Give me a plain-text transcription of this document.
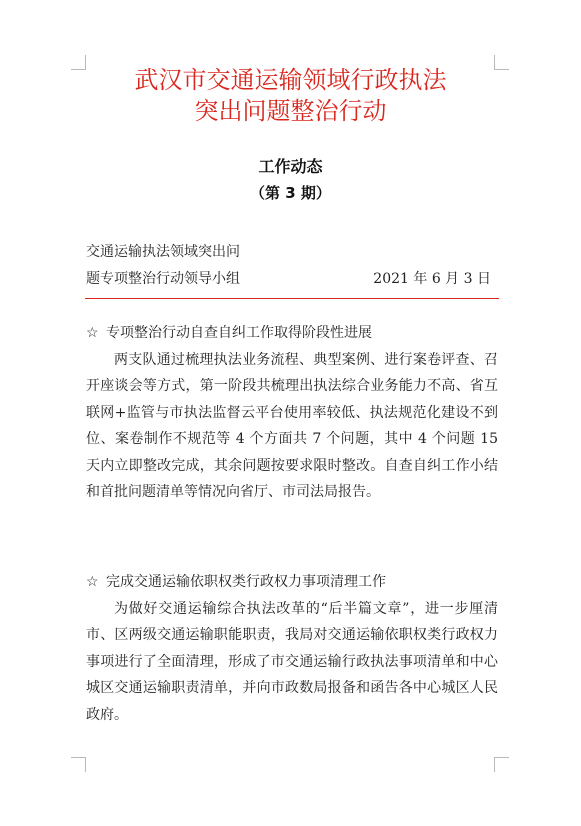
武汉市交通运输领域行政执法
突出问题整治行动
工作动态
（第 3 期）
交通运输执法领域突出问
题专项整治行动领导小组	2021 年 6 月 3 日
☆ 专项整治行动自查自纠工作取得阶段性进展

两支队通过梳理执法业务流程、典型案例、进行案卷评查、召开座谈会等方式，第一阶段共梳理出执法综合业务能力不高、省互联网+监管与市执法监督云平台使用率较低、执法规范化建设不到位、案卷制作不规范等 4 个方面共 7 个问题，其中 4 个问题 15 天内立即整改完成，其余问题按要求限时整改。自查自纠工作小结和首批问题清单等情况向省厅、市司法局报告。

☆ 完成交通运输依职权类行政权力事项清理工作

为做好交通运输综合执法改革的“后半篇文章”，进一步厘清市、区两级交通运输职能职责，我局对交通运输依职权类行政权力事项进行了全面清理，形成了市交通运输行政执法事项清单和中心城区交通运输职责清单，并向市政数局报备和函告各中心城区人民政府。
